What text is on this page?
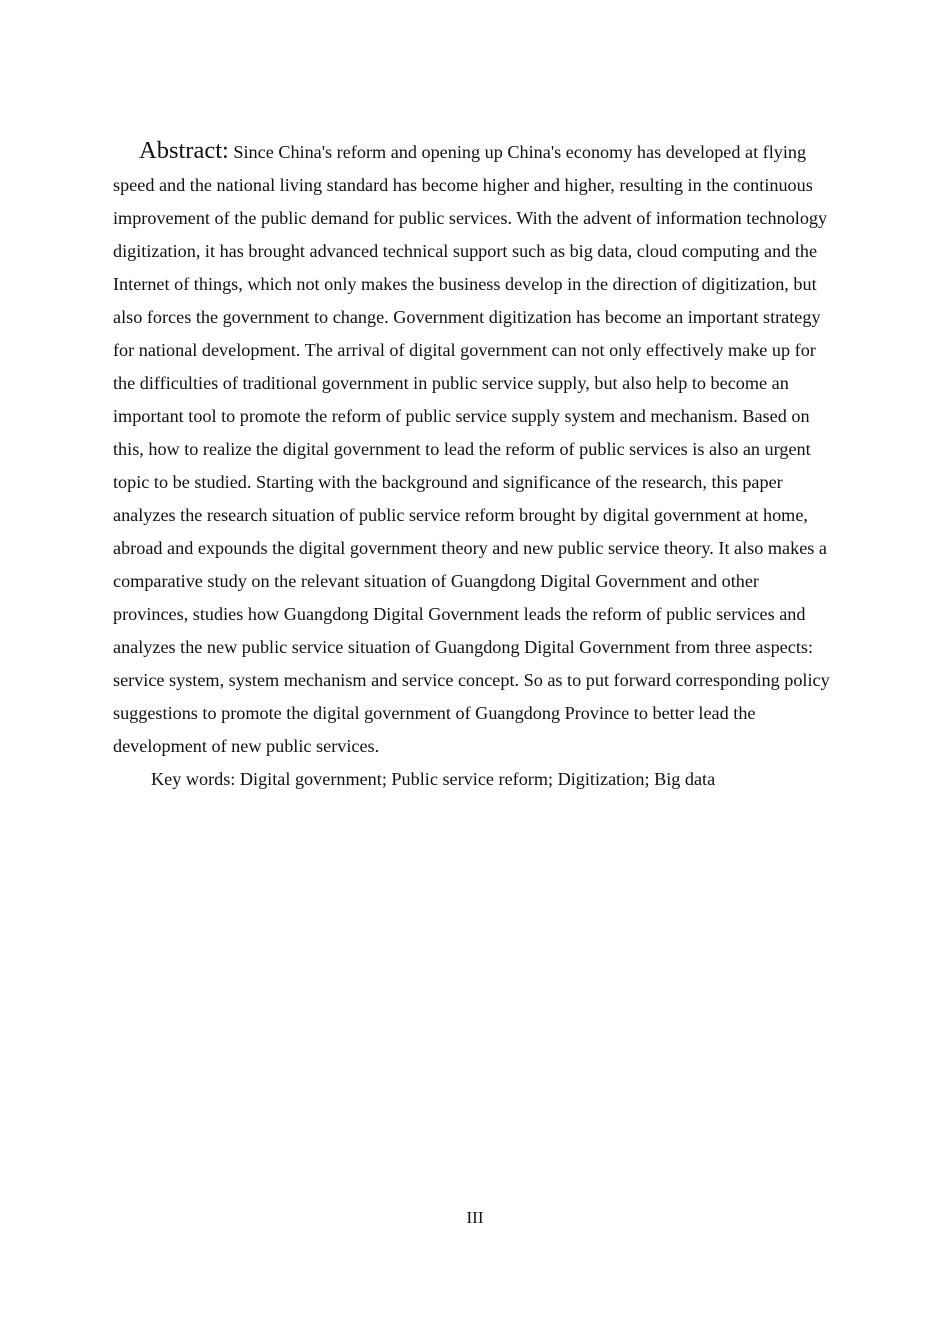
Abstract: Since China's reform and opening up China's economy has developed at flying speed and the national living standard has become higher and higher, resulting in the continuous improvement of the public demand for public services. With the advent of information technology digitization, it has brought advanced technical support such as big data, cloud computing and the Internet of things, which not only makes the business develop in the direction of digitization, but also forces the government to change. Government digitization has become an important strategy for national development. The arrival of digital government can not only effectively make up for the difficulties of traditional government in public service supply, but also help to become an important tool to promote the reform of public service supply system and mechanism. Based on this, how to realize the digital government to lead the reform of public services is also an urgent topic to be studied. Starting with the background and significance of the research, this paper analyzes the research situation of public service reform brought by digital government at home, abroad and expounds the digital government theory and new public service theory. It also makes a comparative study on the relevant situation of Guangdong Digital Government and other provinces, studies how Guangdong Digital Government leads the reform of public services and analyzes the new public service situation of Guangdong Digital Government from three aspects: service system, system mechanism and service concept. So as to put forward corresponding policy suggestions to promote the digital government of Guangdong Province to better lead the development of new public services.

Key words: Digital government; Public service reform; Digitization; Big data

III
